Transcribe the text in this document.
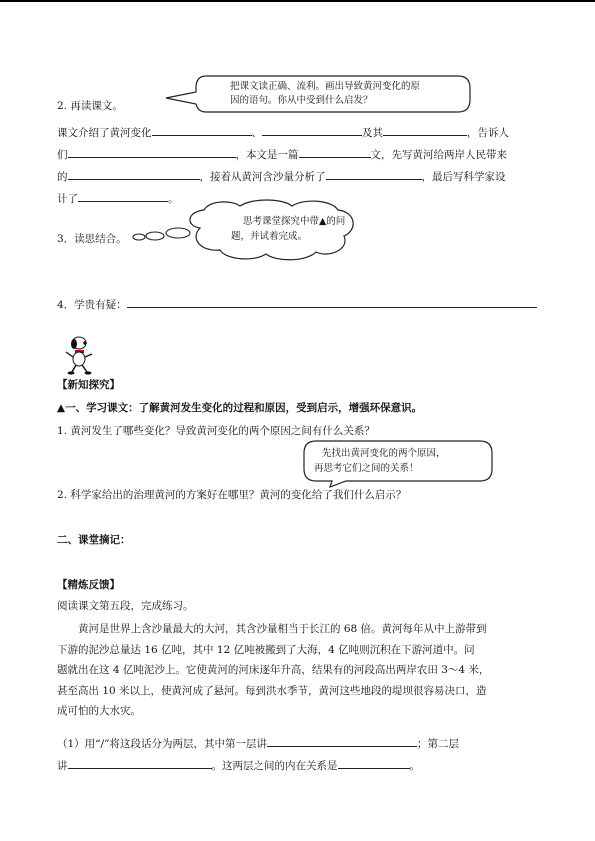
把课文读正确、流利。画出导致黄河变化的原
因的语句。你从中受到什么启发？
思考课堂探究中带▲的问
题，并试着完成。
先找出黄河变化的两个原因，
再思考它们之间的关系！
2. 再读课文。
课文介绍了黄河变化	、	及其	，告诉人
们	，本文是一篇	文，先写黄河给两岸人民带来
的	，接着从黄河含沙量分析了	，最后写科学家设
计了	。
3．读思结合。
4．学贵有疑：
【新知探究】
▲一、学习课文：了解黄河发生变化的过程和原因，受到启示，增强环保意识。
1. 黄河发生了哪些变化？导致黄河变化的两个原因之间有什么关系？
2. 科学家给出的治理黄河的方案好在哪里？黄河的变化给了我们什么启示？
二、课堂摘记：
【精炼反馈】
阅读课文第五段，完成练习。
黄河是世界上含沙量最大的大河，其含沙量相当于长江的 68 倍。黄河每年从中上游带到
下游的泥沙总量达 16 亿吨，其中 12 亿吨被搬到了大海，4 亿吨则沉积在下游河道中。问
题就出在这 4 亿吨泥沙上。它使黄河的河床逐年升高，结果有的河段高出两岸农田 3～4 米，
甚至高出 10 米以上，使黄河成了悬河。每到洪水季节，黄河这些地段的堤坝很容易决口，造
成可怕的大水灾。
（1）用“/”将这段话分为两层，其中第一层讲	；第二层
讲	。这两层之间的内在关系是	。
